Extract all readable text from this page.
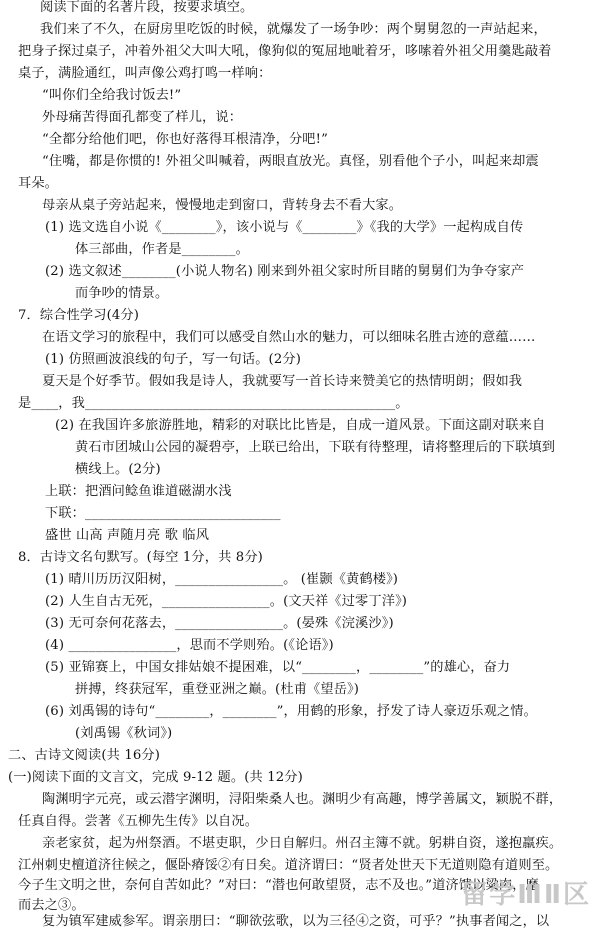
阅读下面的名著片段，按要求填空。
我们来了不久，在厨房里吃饭的时候，就爆发了一场争吵：两个舅舅忽的一声站起来，
把身子探过桌子，冲着外祖父大叫大吼，像狗似的冤屈地呲着牙，哆嗦着外祖父用羹匙敲着
桌子，满脸通红，叫声像公鸡打鸣一样响：
“叫你们全给我讨饭去!”
外母痛苦得面孔都变了样儿，说：
“全都分给他们吧，你也好落得耳根清净，分吧!”
“住嘴，都是你惯的! 外祖父叫喊着，两眼直放光。真怪，别看他个子小，叫起来却震
耳朵。
母亲从桌子旁站起来，慢慢地走到窗口，背转身去不看大家。
(1) 选文选自小说《________》，该小说与《________》《我的大学》一起构成自传
体三部曲，作者是________。
(2) 选文叙述________(小说人物名) 刚来到外祖父家时所目睹的舅舅们为争夺家产
而争吵的情景。
7．综合性学习(4分)
在语文学习的旅程中，我们可以感受自然山水的魅力，可以细味名胜古迹的意蕴……
(1) 仿照画波浪线的句子，写一句话。(2分)
夏天是个好季节。假如我是诗人，我就要写一首长诗来赞美它的热情明朗；假如我
是____，我______________________________________________。
(2) 在我国许多旅游胜地，精彩的对联比比皆是，自成一道风景。下面这副对联来自
黄石市团城山公园的凝碧亭，上联已给出，下联有待整理，请将整理后的下联填到
横线上。(2分)
上联：把酒问鲶鱼谁道磁湖水浅
下联：_____________________________
盛世 山高 声随月亮 歌 临风
8．古诗文名句默写。(每空 1分，共 8分)
(1) 晴川历历汉阳树，________________。 (崔颢《黄鹤楼》)
(2) 人生自古无死，________________。(文天祥《过零丁洋》)
(3) 无可奈何花落去，________________。(晏殊《浣溪沙》)
(4) ________________，思而不学则殆。(《论语》)
(5) 亚锦赛上，中国女排姑娘不提困难，以“________，________”的雄心，奋力
拼搏，终获冠军，重登亚洲之巅。(杜甫《望岳》)
(6) 刘禹锡的诗句“________，________”，用鹤的形象，抒发了诗人豪迈乐观之情。
(刘禹锡《秋词》)
二、古诗文阅读(共 16分)
(一)阅读下面的文言文，完成 9-12 题。(共 12分)
陶渊明字元亮，或云潜字渊明，浔阳柴桑人也。渊明少有高趣，博学善属文，颖脱不群，
任真自得。尝著《五柳先生传》以自况。
亲老家贫，起为州祭酒。不堪吏职，少日自解归。州召主簿不就。躬耕自资，遂抱羸疾。
江州刺史檀道济往候之，偃卧瘠馁②有日矣。道济谓曰：“贤者处世天下无道则隐有道则至。
今子生文明之世，奈何自苦如此？”对曰：“潜也何敢望贤，志不及也。”道济馈以粱肉，麾
而去之③。
复为镇军建威参军。谓亲朋曰：“聊欲弦歌，以为三径④之资，可乎？”执事者闻之，以
留学ⅢⅡ区
